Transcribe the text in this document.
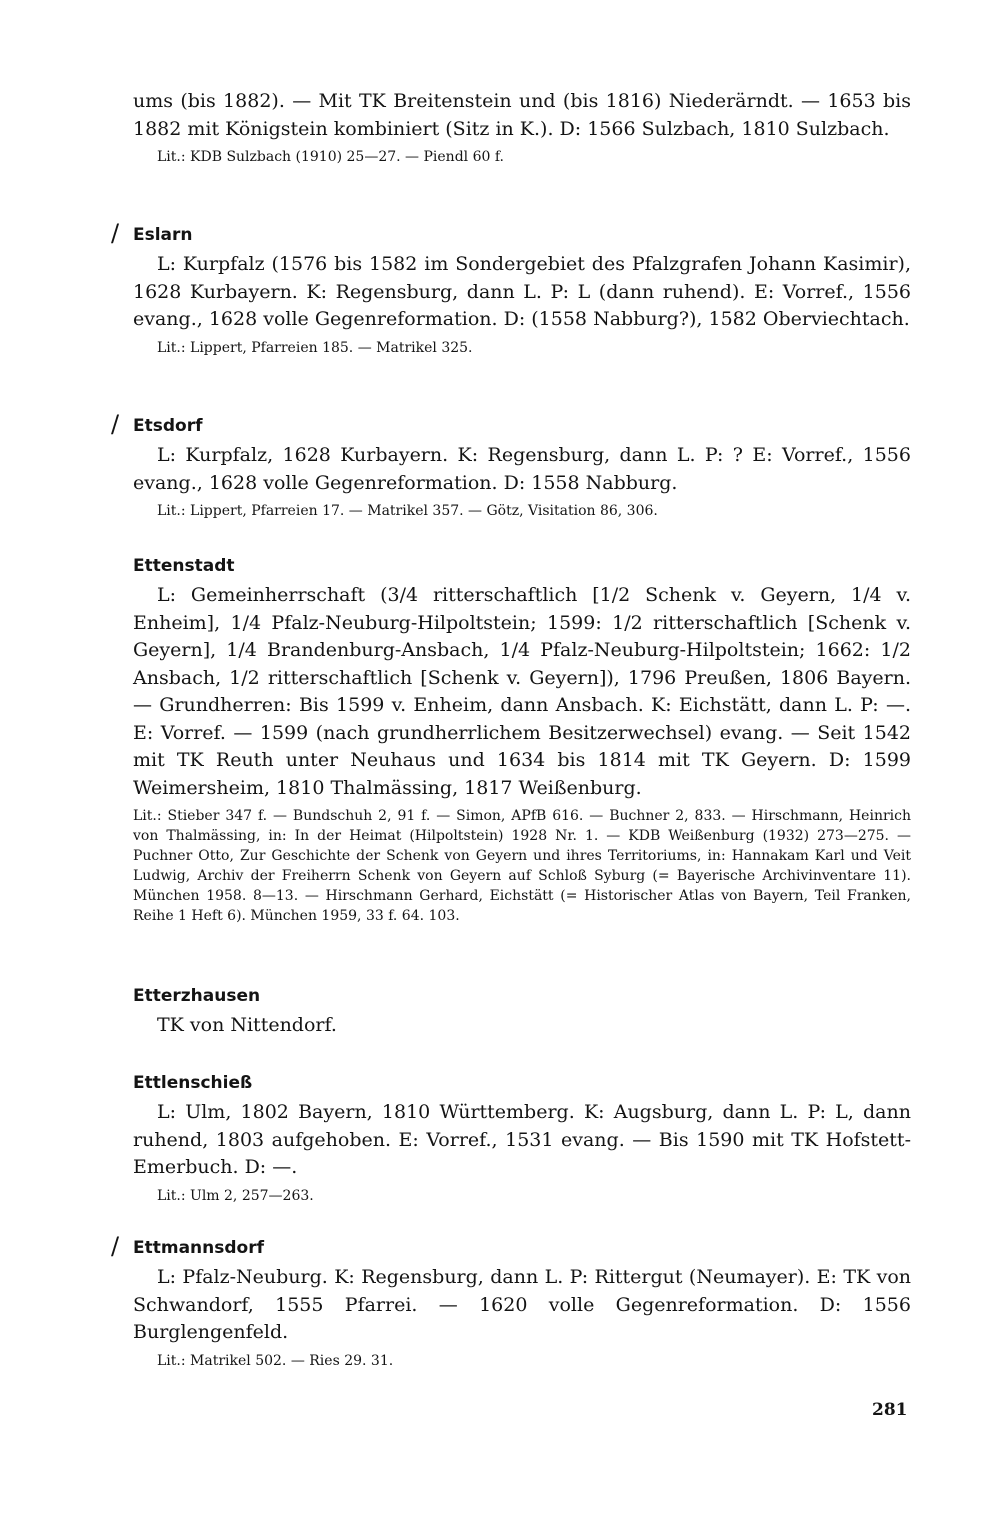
ums (bis 1882). — Mit TK Breitenstein und (bis 1816) Niederärndt. — 1653 bis 1882 mit Königstein kombiniert (Sitz in K.). D: 1566 Sulzbach, 1810 Sulzbach.

Lit.: KDB Sulzbach (1910) 25—27. — Piendl 60 f.

/ Eslarn

L: Kurpfalz (1576 bis 1582 im Sondergebiet des Pfalzgrafen Johann Kasimir), 1628 Kurbayern. K: Regensburg, dann L. P: L (dann ruhend). E: Vorref., 1556 evang., 1628 volle Gegenreformation. D: (1558 Nabburg?), 1582 Oberviechtach.

Lit.: Lippert, Pfarreien 185. — Matrikel 325.

/ Etsdorf

L: Kurpfalz, 1628 Kurbayern. K: Regensburg, dann L. P: ? E: Vorref., 1556 evang., 1628 volle Gegenreformation. D: 1558 Nabburg.

Lit.: Lippert, Pfarreien 17. — Matrikel 357. — Götz, Visitation 86, 306.

Ettenstadt

L: Gemeinherrschaft (3/4 ritterschaftlich [1/2 Schenk v. Geyern, 1/4 v. Enheim], 1/4 Pfalz-Neuburg-Hilpoltstein; 1599: 1/2 ritterschaftlich [Schenk v. Geyern], 1/4 Brandenburg-Ansbach, 1/4 Pfalz-Neuburg-Hilpoltstein; 1662: 1/2 Ansbach, 1/2 ritterschaftlich [Schenk v. Geyern]), 1796 Preußen, 1806 Bayern. — Grundherren: Bis 1599 v. Enheim, dann Ansbach. K: Eichstätt, dann L. P: —. E: Vorref. — 1599 (nach grundherrlichem Besitzerwechsel) evang. — Seit 1542 mit TK Reuth unter Neuhaus und 1634 bis 1814 mit TK Geyern. D: 1599 Weimersheim, 1810 Thalmässing, 1817 Weißenburg.

Lit.: Stieber 347 f. — Bundschuh 2, 91 f. — Simon, APfB 616. — Buchner 2, 833. — Hirschmann, Heinrich von Thalmässing, in: In der Heimat (Hilpoltstein) 1928 Nr. 1. — KDB Weißenburg (1932) 273—275. — Puchner Otto, Zur Geschichte der Schenk von Geyern und ihres Territoriums, in: Hannakam Karl und Veit Ludwig, Archiv der Freiherrn Schenk von Geyern auf Schloß Syburg (= Bayerische Archivinventare 11). München 1958. 8—13. — Hirschmann Gerhard, Eichstätt (= Historischer Atlas von Bayern, Teil Franken, Reihe 1 Heft 6). München 1959, 33 f. 64. 103.

Etterzhausen

TK von Nittendorf.

Ettlenschieß

L: Ulm, 1802 Bayern, 1810 Württemberg. K: Augsburg, dann L. P: L, dann ruhend, 1803 aufgehoben. E: Vorref., 1531 evang. — Bis 1590 mit TK Hofstett-Emerbuch. D: —.

Lit.: Ulm 2, 257—263.

/ Ettmannsdorf

L: Pfalz-Neuburg. K: Regensburg, dann L. P: Rittergut (Neumayer). E: TK von Schwandorf, 1555 Pfarrei. — 1620 volle Gegenreformation. D: 1556 Burglengenfeld.

Lit.: Matrikel 502. — Ries 29. 31.

281
